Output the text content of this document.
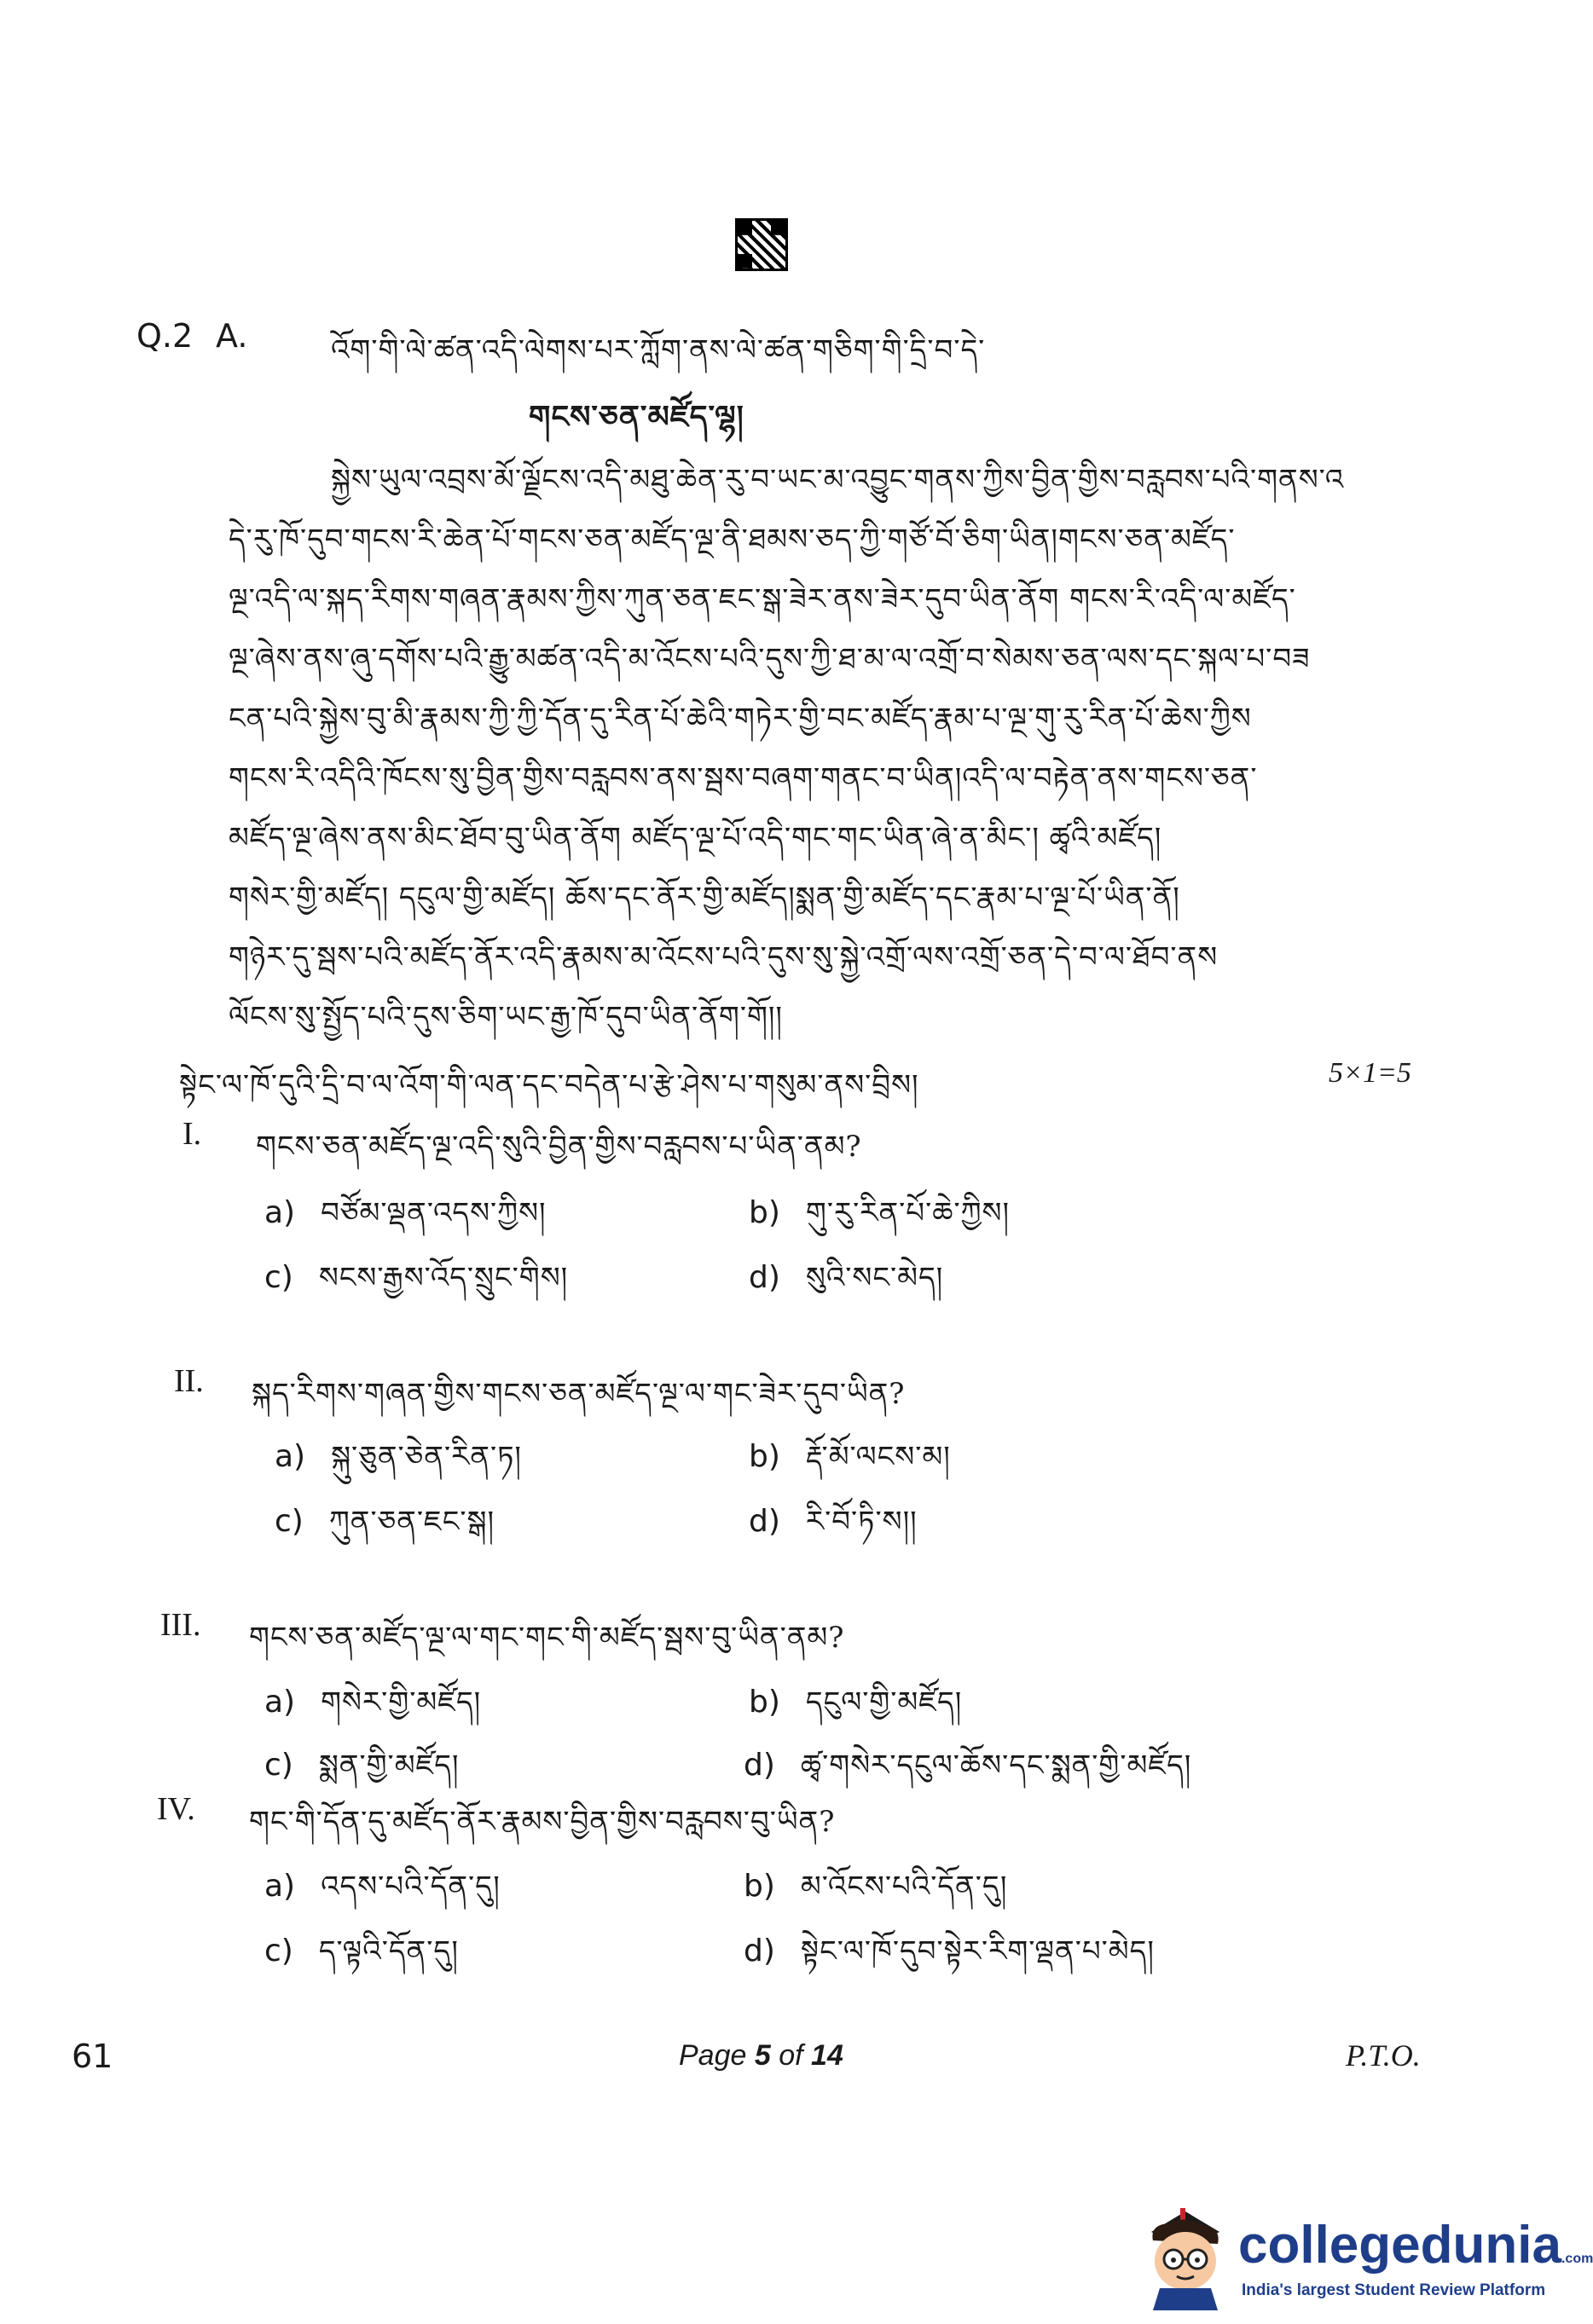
Q.2 A.	འོག་གི་ལེ་ཚན་འདི་ལེགས་པར་ཀློག་ནས་ལེ་ཚན་གཅིག་གི་དྲི་བ་དེ་
གངས་ཅན་མཛོད་ལྷ།
སྐྱེས་ཡུལ་འབྲས་མོ་ལྗོངས་འདི་མཐུ་ཆེན་རུ་བ་ཡང་མ་འབྱུང་གནས་ཀྱིས་བྱིན་གྱིས་བརླབས་པའི་གནས་འ
དེ་རུ་ཁོ་དུབ་གངས་རི་ཆེན་པོ་གངས་ཅན་མཛོད་ལྔ་ནི་ཐམས་ཅད་ཀྱི་གཙོ་བོ་ཅིག་ཡིན།གངས་ཅན་མཛོད་
ལྔ་འདི་ལ་སྐད་རིགས་གཞན་རྣམས་ཀྱིས་ཀུན་ཅན་ཇང་སྒ་ཟེར་ནས་ཟེར་དུབ་ཡིན་ནོག གངས་རི་འདི་ལ་མཛོད་
ལྔ་ཞེས་ནས་ཞུ་དགོས་པའི་རྒྱུ་མཚན་འདི་མ་འོངས་པའི་དུས་ཀྱི་ཐ་མ་ལ་འགྲོ་བ་སེམས་ཅན་ལས་དང་སྐལ་པ་བཟ
ངན་པའི་སྐྱེས་བུ་མི་རྣམས་ཀྱི་ཀྱི་དོན་དུ་རིན་པོ་ཆེའི་གཏེར་གྱི་བང་མཛོད་རྣམ་པ་ལྔ་གུ་རུ་རིན་པོ་ཆེས་ཀྱིས
གངས་རི་འདིའི་ཁོངས་སུ་བྱིན་གྱིས་བརླབས་ནས་སྦས་བཞག་གནང་བ་ཡིན།འདི་ལ་བརྟེན་ནས་གངས་ཅན་
མཛོད་ལྔ་ཞེས་ནས་མིང་ཐོབ་བུ་ཡིན་ནོག མཛོད་ལྔ་པོ་འདི་གང་གང་ཡིན་ཞེ་ན་མིང་། ཚྭའི་མཛོད།
གསེར་གྱི་མཛོད། དངུལ་གྱི་མཛོད། ཆོས་དང་ནོར་གྱི་མཛོད།སྨན་གྱི་མཛོད་དང་རྣམ་པ་ལྔ་པོ་ཡིན་ནོ།
གཉེར་དུ་སྦས་པའི་མཛོད་ནོར་འདི་རྣམས་མ་འོངས་པའི་དུས་སུ་སྐྱེ་འགྲོ་ལས་འགྲོ་ཅན་དེ་བ་ལ་ཐོབ་ནས
ལོངས་སུ་སྤྱོད་པའི་དུས་ཅིག་ཡང་རྒྱ་ཁོ་དུབ་ཡིན་ནོག་གོ།།
སྟེང་ལ་ཁོ་དུའི་དྲི་བ་ལ་འོག་གི་ལན་དང་བདེན་པ་རྩེ་ཤེས་པ་གསུམ་ནས་བྲིས།	5×1=5
I. གངས་ཅན་མཛོད་ལྔ་འདི་སུའི་བྱིན་གྱིས་བརླབས་པ་ཡིན་ནམ?
a) བཙོམ་ལྡན་འདས་ཀྱིས།	b) གུ་རུ་རིན་པོ་ཆེ་ཀྱིས།
c) སངས་རྒྱས་འོད་སྲུང་གིས།	d) སུའི་སང་མེད།
II. སྐད་རིགས་གཞན་གྱིས་གངས་ཅན་མཛོད་ལྔ་ལ་གང་ཟེར་དུབ་ཡིན?
a) སྐུ་ཅུན་ཅེན་རིན་ཏ།	b) རྡོ་མོ་ལངས་མ།
c) ཀུན་ཅན་ཇང་སྒ།	d) རི་བོ་ཏི་ས།།
III. གངས་ཅན་མཛོད་ལྔ་ལ་གང་གང་གི་མཛོད་སྦས་བུ་ཡིན་ནམ?
a) གསེར་གྱི་མཛོད།	b) དངུལ་གྱི་མཛོད།
c) སྨན་གྱི་མཛོད།	d) ཚྭ་གསེར་དངུལ་ཆོས་དང་སྨན་གྱི་མཛོད།
IV. གང་གི་དོན་དུ་མཛོད་ནོར་རྣམས་བྱིན་གྱིས་བརླབས་བུ་ཡིན?
a) འདས་པའི་དོན་དུ།	b) མ་འོངས་པའི་དོན་དུ།
c) ད་ལྟའི་དོན་དུ།	d) སྟེང་ལ་ཁོ་དུབ་སྟེར་རིག་ལྡན་པ་མེད།
61	Page 5 of 14	P.T.O.
collegedunia.com
India's largest Student Review Platform
